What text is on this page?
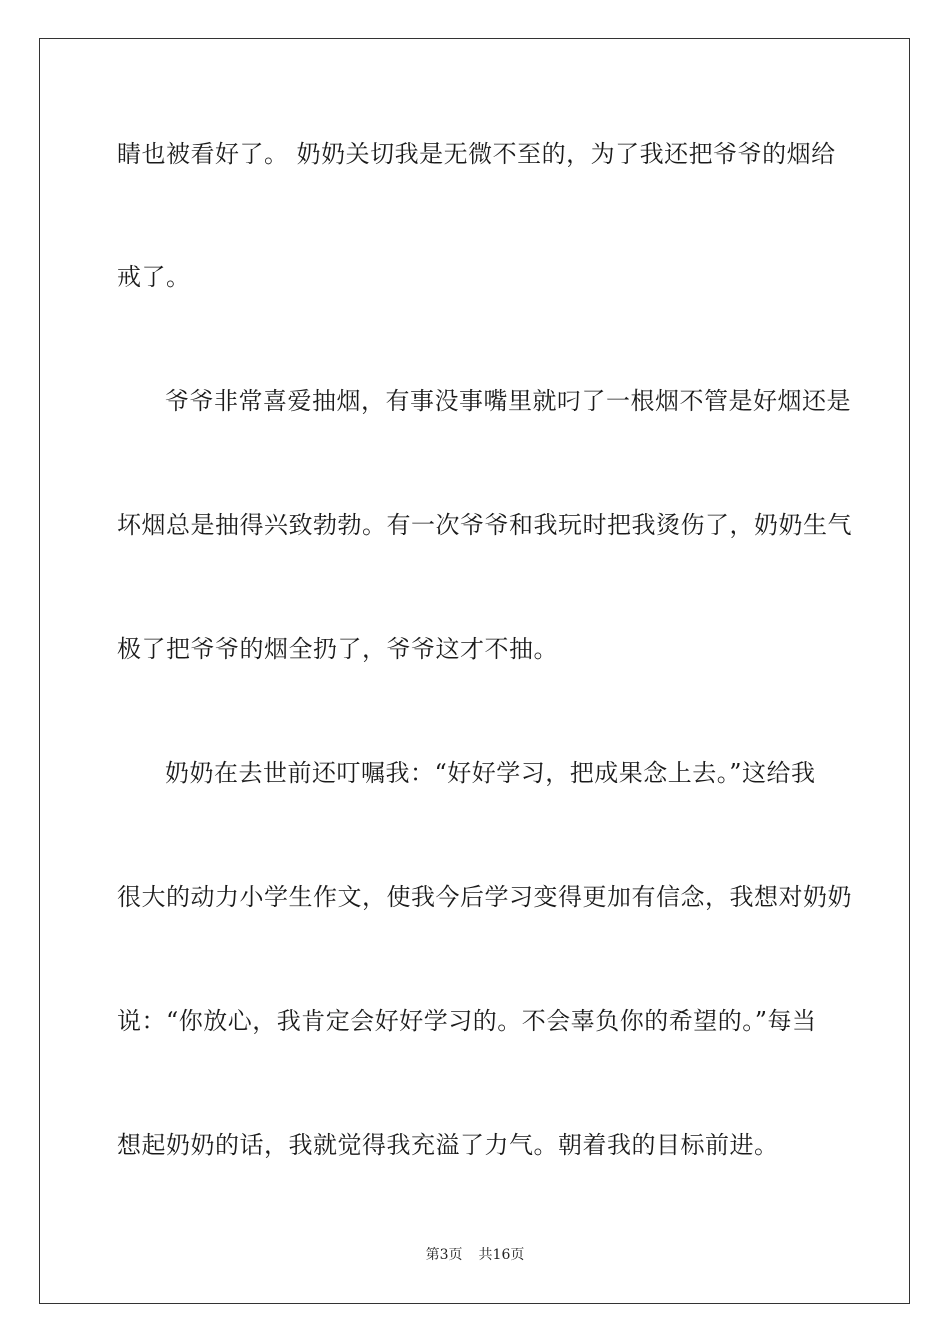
睛也被看好了。 奶奶关切我是无微不至的，为了我还把爷爷的烟给
戒了。
爷爷非常喜爱抽烟，有事没事嘴里就叼了一根烟不管是好烟还是
坏烟总是抽得兴致勃勃。有一次爷爷和我玩时把我烫伤了，奶奶生气
极了把爷爷的烟全扔了，爷爷这才不抽。
奶奶在去世前还叮嘱我：“好好学习，把成果念上去。”这给我
很大的动力小学生作文，使我今后学习变得更加有信念，我想对奶奶
说：“你放心，我肯定会好好学习的。不会辜负你的希望的。”每当
想起奶奶的话，我就觉得我充溢了力气。朝着我的目标前进。
第3页 共16页
